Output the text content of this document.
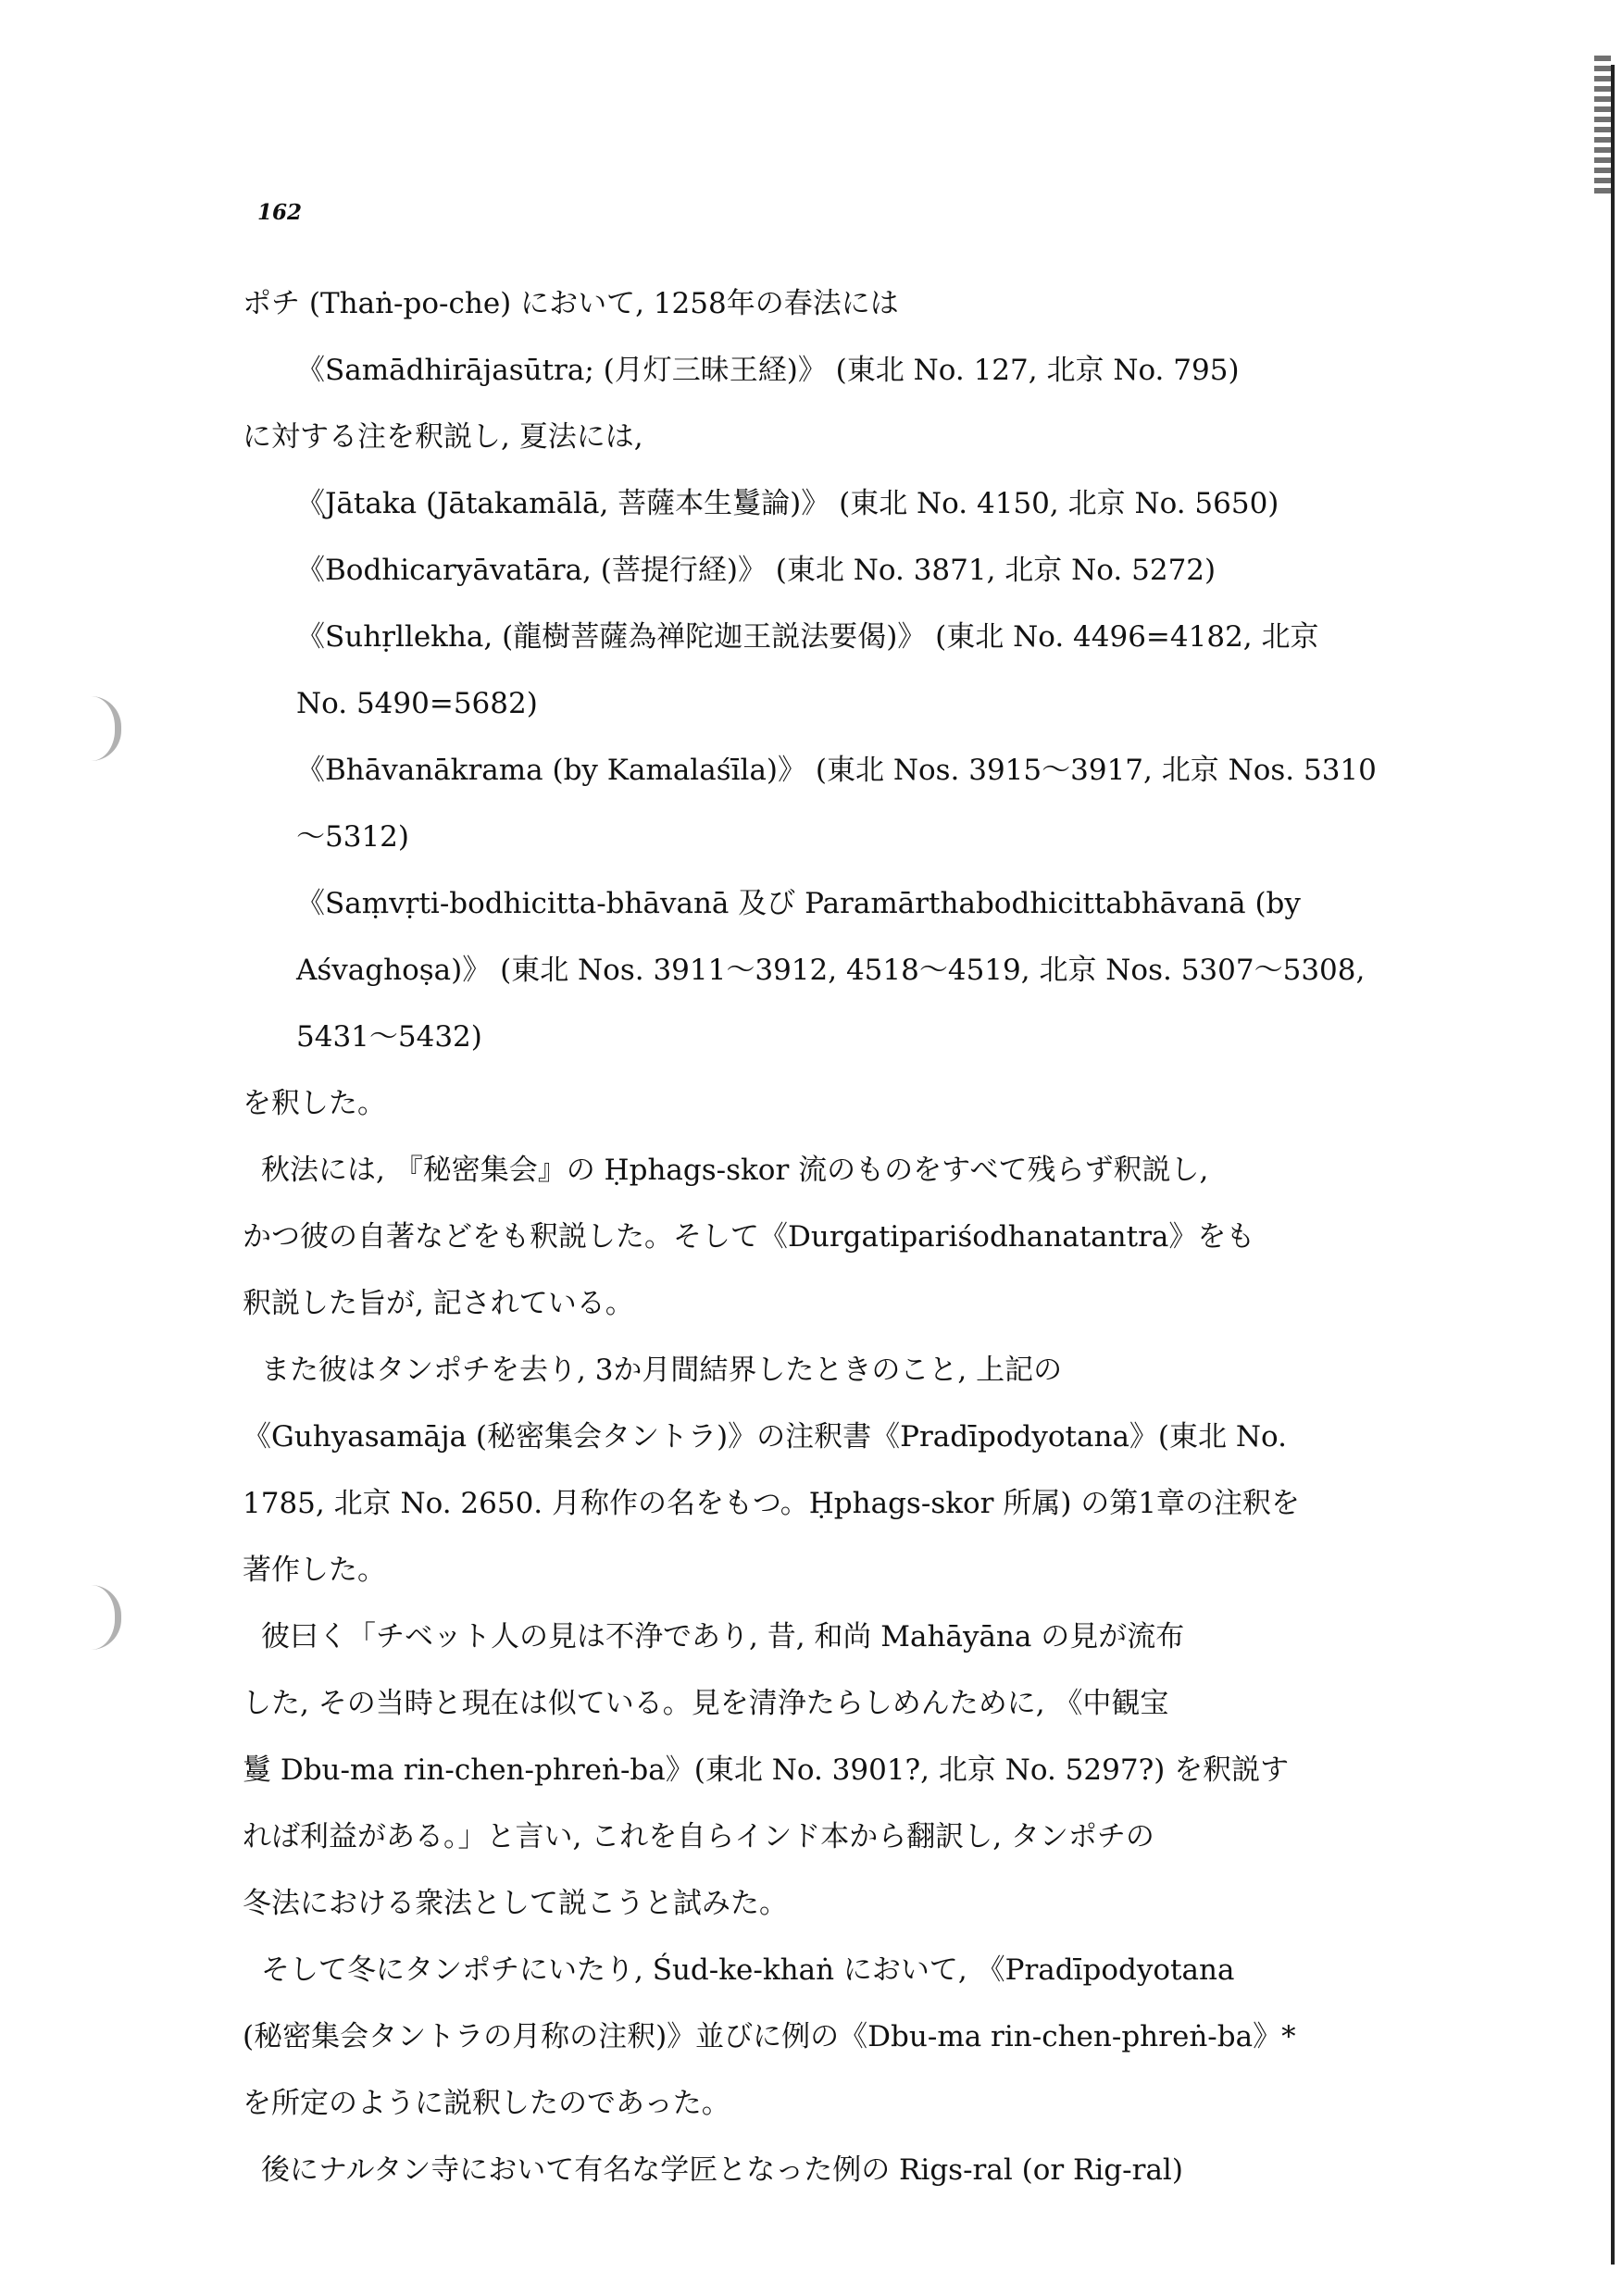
162
ポチ (Thaṅ-po-che) において, 1258年の春法には
《Samādhirājasūtra; (月灯三昧王経)》 (東北 No. 127, 北京 No. 795)
に対する注を釈説し, 夏法には,
《Jātaka (Jātakamālā, 菩薩本生鬘論)》 (東北 No. 4150, 北京 No. 5650)
《Bodhicaryāvatāra, (菩提行経)》 (東北 No. 3871, 北京 No. 5272)
《Suhṛllekha, (龍樹菩薩為禅陀迦王説法要偈)》 (東北 No. 4496=4182, 北京
No. 5490=5682)
《Bhāvanākrama (by Kamalaśīla)》 (東北 Nos. 3915〜3917, 北京 Nos. 5310
〜5312)
《Saṃvṛti-bodhicitta-bhāvanā 及び Paramārthabodhicittabhāvanā (by
Aśvaghoṣa)》 (東北 Nos. 3911〜3912, 4518〜4519, 北京 Nos. 5307〜5308,
5431〜5432)
を釈した。
秋法には, 『秘密集会』の Ḥphags-skor 流のものをすべて残らず釈説し,
かつ彼の自著などをも釈説した。そして《Durgatipariśodhanatantra》をも
釈説した旨が, 記されている。
また彼はタンポチを去り, 3か月間結界したときのこと, 上記の
《Guhyasamāja (秘密集会タントラ)》の注釈書《Pradīpodyotana》(東北 No.
1785, 北京 No. 2650. 月称作の名をもつ。Ḥphags-skor 所属) の第1章の注釈を
著作した。
彼曰く「チベット人の見は不浄であり, 昔, 和尚 Mahāyāna の見が流布
した, その当時と現在は似ている。見を清浄たらしめんために, 《中観宝
鬘 Dbu-ma rin-chen-phreṅ-ba》(東北 No. 3901?, 北京 No. 5297?) を釈説す
れば利益がある。」と言い, これを自らインド本から翻訳し, タンポチの
冬法における衆法として説こうと試みた。
そして冬にタンポチにいたり, Śud-ke-khaṅ において, 《Pradīpodyotana
(秘密集会タントラの月称の注釈)》並びに例の《Dbu-ma rin-chen-phreṅ-ba》*
を所定のように説釈したのであった。
後にナルタン寺において有名な学匠となった例の Rigs-ral (or Rig-ral)
